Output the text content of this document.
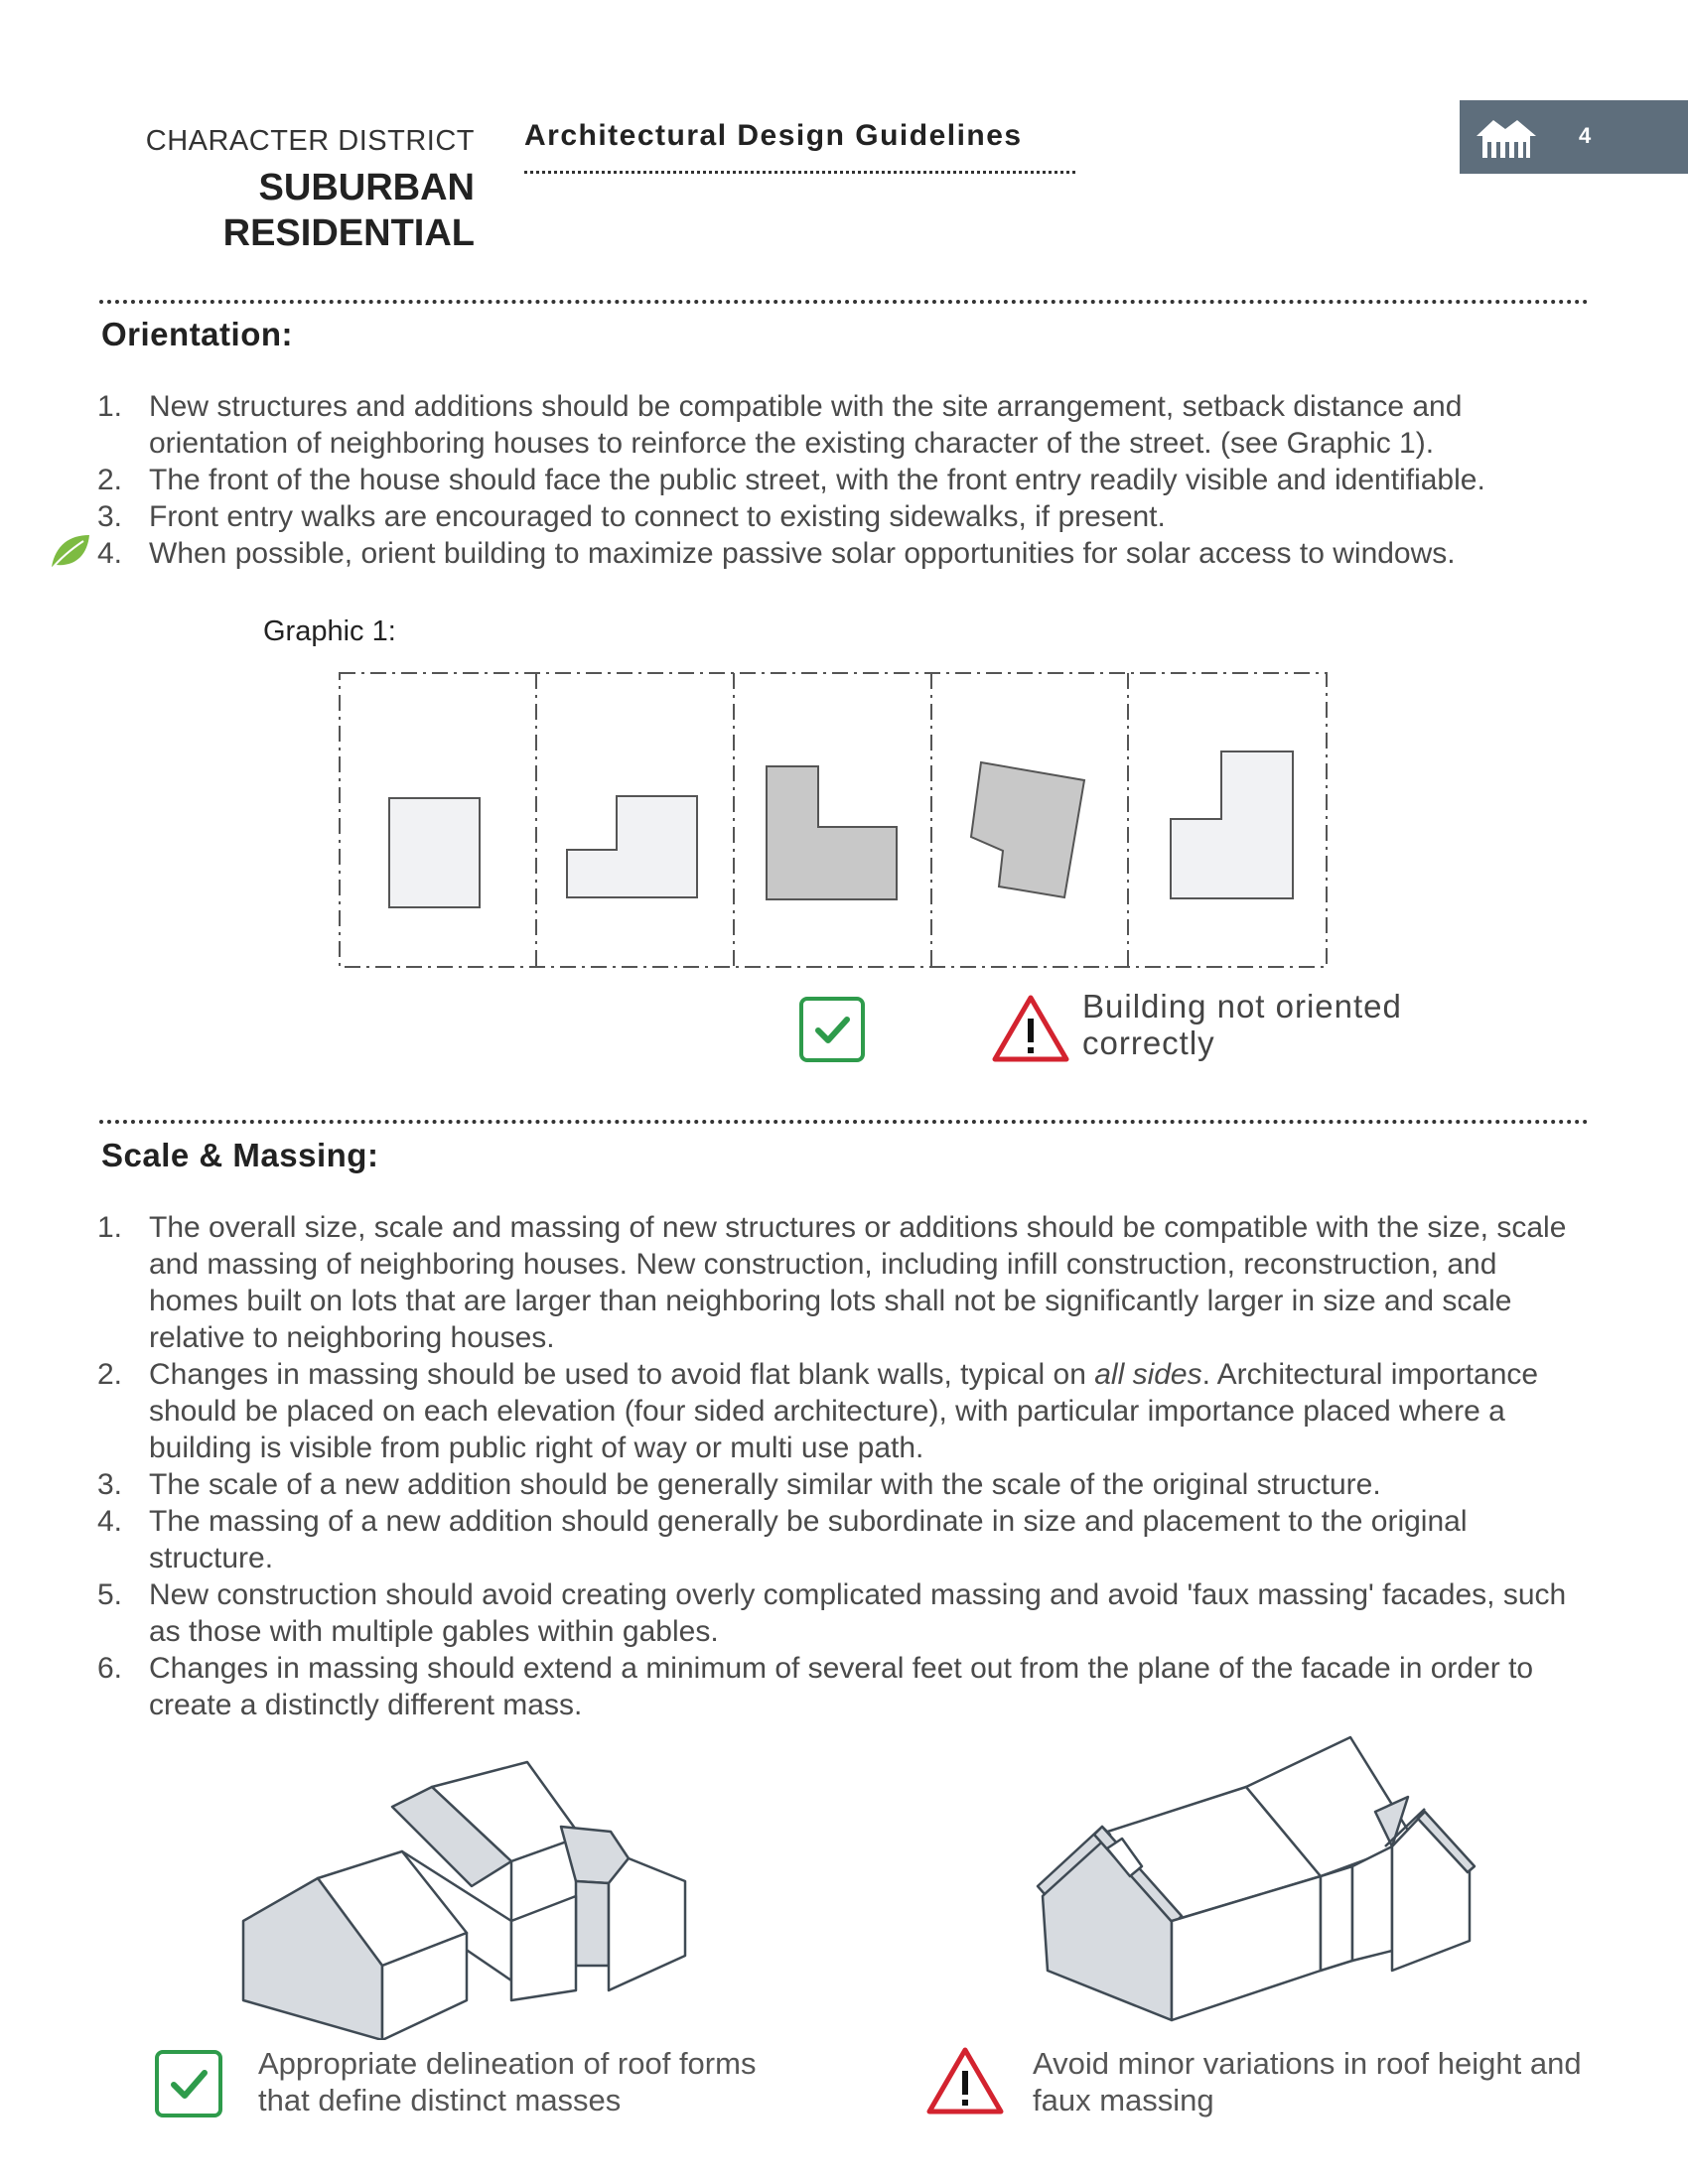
CHARACTER DISTRICT
SUBURBAN
RESIDENTIAL
Architectural Design Guidelines	4
Orientation:
1. New structures and additions should be compatible with the site arrangement, setback distance and orientation of neighboring houses to reinforce the existing character of the street. (see Graphic 1).
2. The front of the house should face the public street, with the front entry readily visible and identifiable.
3. Front entry walks are encouraged to connect to existing sidewalks, if present.
4. When possible, orient building to maximize passive solar opportunities for solar access to windows.
Graphic 1:
Building not oriented correctly
Scale & Massing:
1. The overall size, scale and massing of new structures or additions should be compatible with the size, scale and massing of neighboring houses. New construction, including infill construction, reconstruction, and homes built on lots that are larger than neighboring lots shall not be significantly larger in size and scale relative to neighboring houses.
2. Changes in massing should be used to avoid flat blank walls, typical on all sides. Architectural importance should be placed on each elevation (four sided architecture), with particular importance placed where a building is visible from public right of way or multi use path.
3. The scale of a new addition should be generally similar with the scale of the original structure.
4. The massing of a new addition should generally be subordinate in size and placement to the original structure.
5. New construction should avoid creating overly complicated massing and avoid 'faux massing' facades, such as those with multiple gables within gables.
6. Changes in massing should extend a minimum of several feet out from the plane of the facade in order to create a distinctly different mass.
Appropriate delineation of roof forms that define distinct masses
Avoid minor variations in roof height and faux massing
